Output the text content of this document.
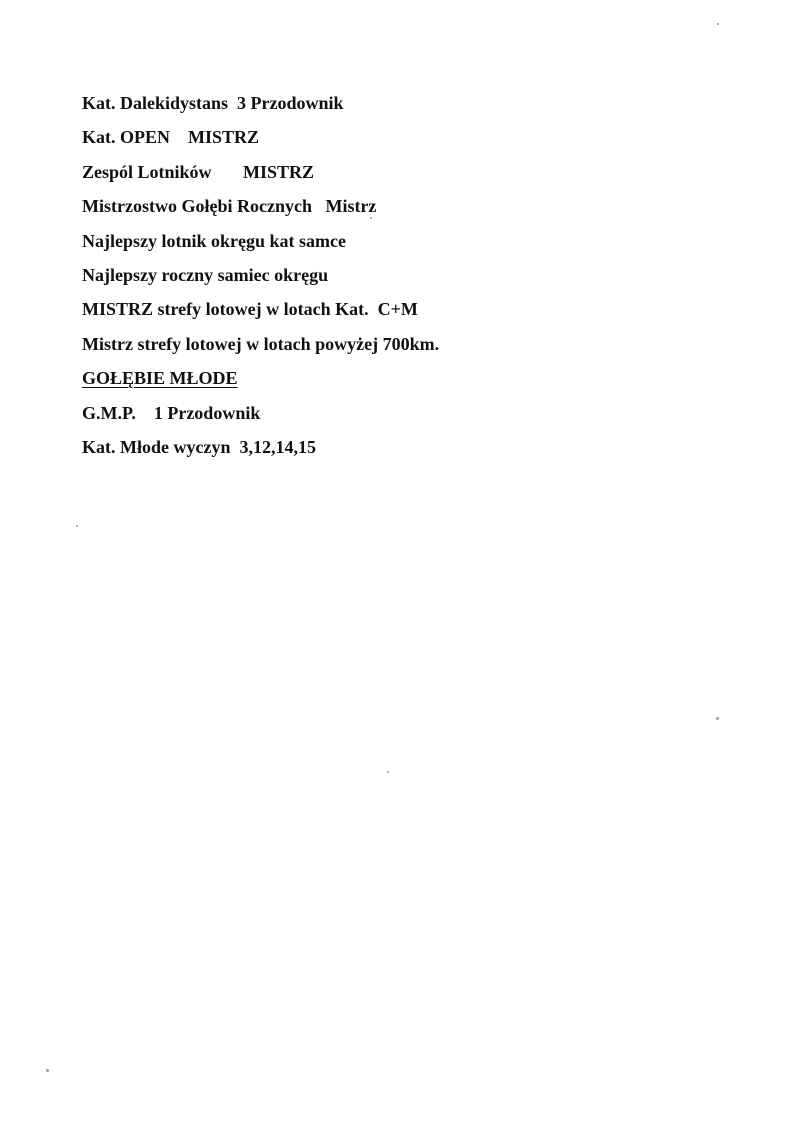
Kat. Dalekidystans  3 Przodownik

Kat. OPEN    MISTRZ

Zespól Lotników       MISTRZ

Mistrzostwo Gołębi Rocznych   Mistrz

Najlepszy lotnik okręgu kat samce

Najlepszy roczny samiec okręgu

MISTRZ strefy lotowej w lotach Kat.  C+M

Mistrz strefy lotowej w lotach powyżej 700km.

GOŁĘBIE MŁODE

G.M.P.    1 Przodownik

Kat. Młode wyczyn  3,12,14,15
